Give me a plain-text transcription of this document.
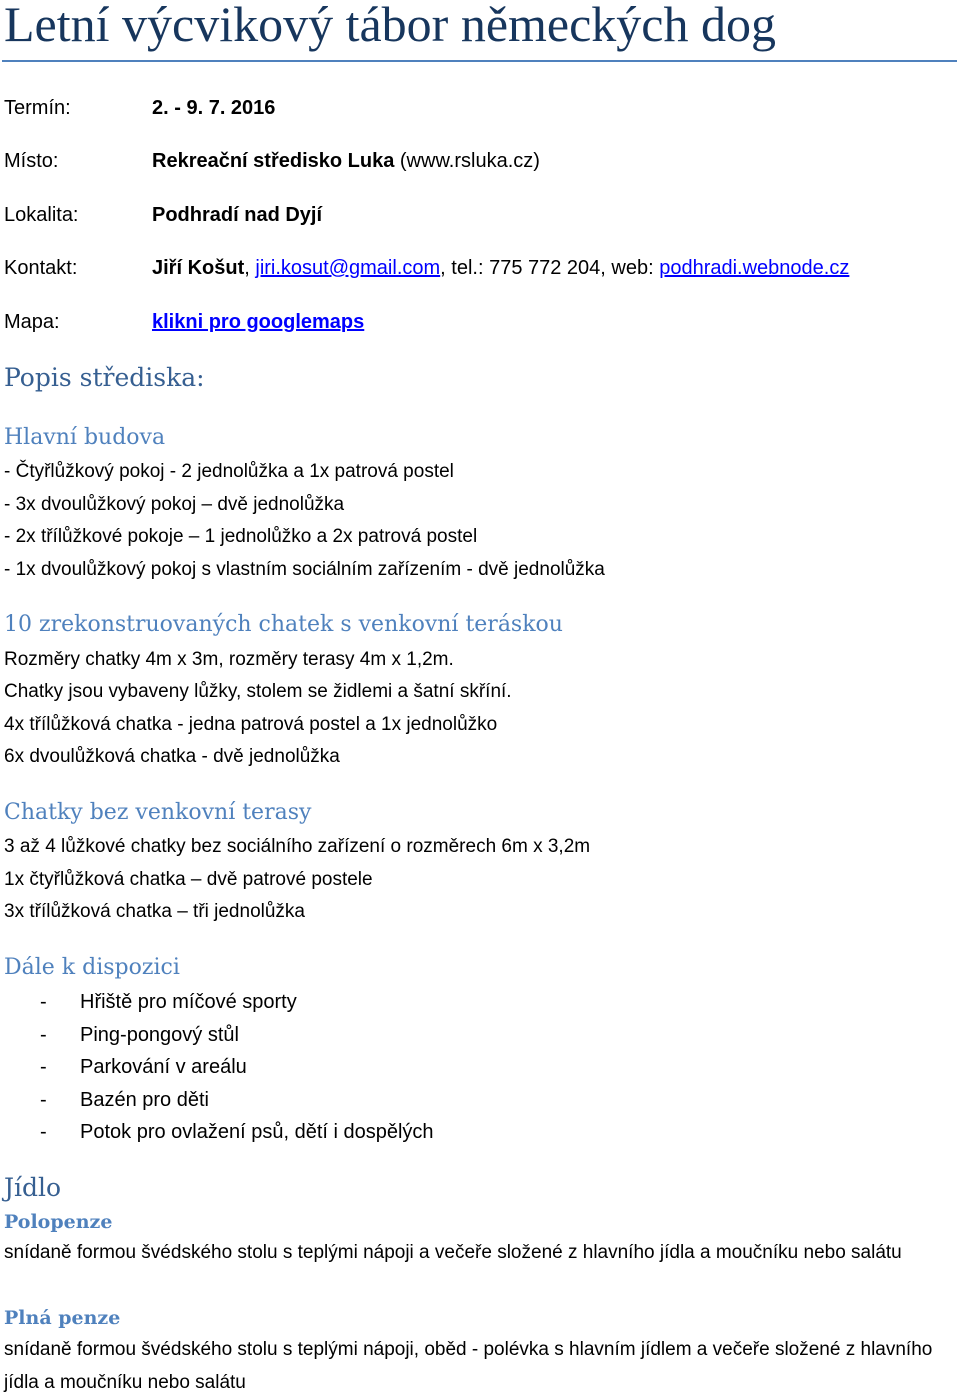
Letní výcvikový tábor německých dog
Termín:	2. - 9. 7. 2016
Místo:	Rekreační středisko Luka (www.rsluka.cz)
Lokalita:	Podhradí nad Dyjí
Kontakt:	Jiří Košut, jiri.kosut@gmail.com, tel.: 775 772 204, web: podhradi.webnode.cz
Mapa:	klikni pro googlemaps
Popis střediska:
Hlavní budova
- Čtyřlůžkový pokoj - 2 jednolůžka a 1x patrová postel
- 3x dvoulůžkový pokoj – dvě jednolůžka
- 2x třílůžkové pokoje – 1 jednolůžko a 2x patrová postel
- 1x dvoulůžkový pokoj s vlastním sociálním zařízením - dvě jednolůžka
10 zrekonstruovaných chatek s venkovní teráskou
Rozměry chatky 4m x 3m, rozměry terasy 4m x 1,2m.
Chatky jsou vybaveny lůžky, stolem se židlemi a šatní skříní.
4x třílůžková chatka - jedna patrová postel a 1x jednolůžko
6x dvoulůžková chatka - dvě jednolůžka
Chatky bez venkovní terasy
3 až 4 lůžkové chatky bez sociálního zařízení o rozměrech 6m x 3,2m
1x čtyřlůžková chatka – dvě patrové postele
3x třílůžková chatka – tři jednolůžka
Dále k dispozici
- Hřiště pro míčové sporty
- Ping-pongový stůl
- Parkování v areálu
- Bazén pro děti
- Potok pro ovlažení psů, dětí i dospělých
Jídlo
Polopenze
snídaně formou švédského stolu s teplými nápoji a večeře složené z hlavního jídla a moučníku nebo salátu
Plná penze
snídaně formou švédského stolu s teplými nápoji, oběd - polévka s hlavním jídlem a večeře složené z hlavního jídla a moučníku nebo salátu
